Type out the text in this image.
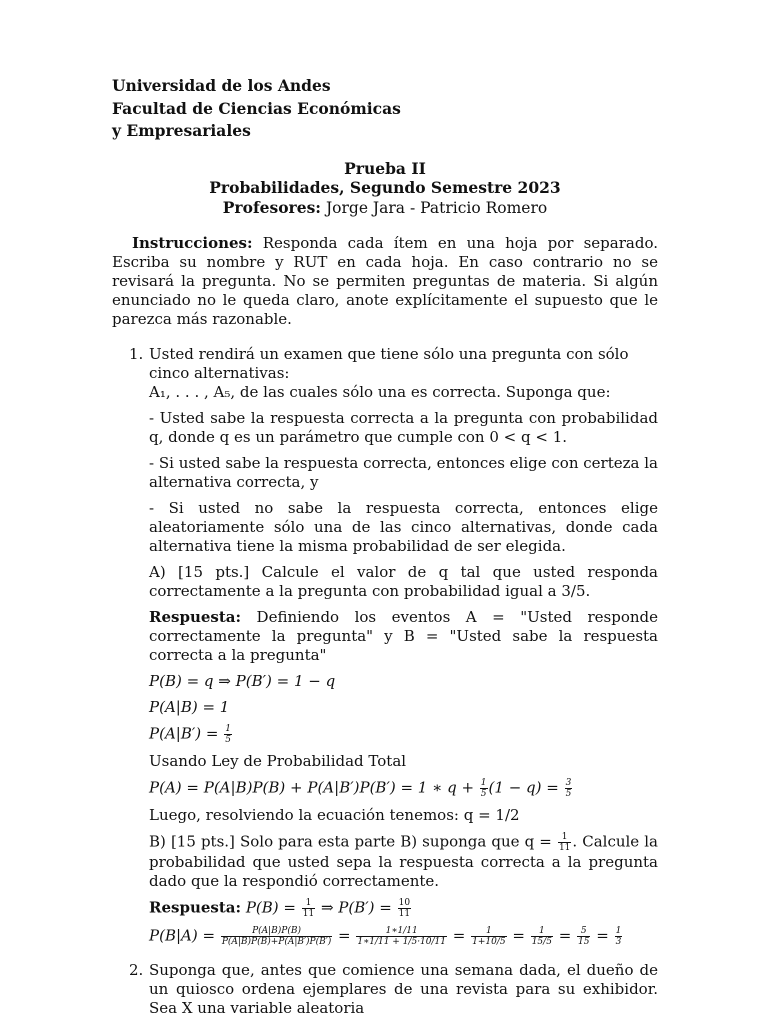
Universidad de los Andes

Facultad de Ciencias Económicas

y Empresariales

Prueba II

Probabilidades, Segundo Semestre 2023

Profesores: Jorge Jara - Patricio Romero

Instrucciones: Responda cada ítem en una hoja por separado. Escriba su nombre y RUT en cada hoja. En caso contrario no se revisará la pregunta. No se permiten preguntas de materia. Si algún enunciado no le queda claro, anote explícitamente el supuesto que le parezca más razonable.

1. Usted rendirá un examen que tiene sólo una pregunta con sólo cinco alternativas:

A₁, . . . , A₅, de las cuales sólo una es correcta. Suponga que:

- Usted sabe la respuesta correcta a la pregunta con probabilidad q, donde q es un parámetro que cumple con 0 < q < 1.

- Si usted sabe la respuesta correcta, entonces elige con certeza la alternativa correcta, y

- Si usted no sabe la respuesta correcta, entonces elige aleatoriamente sólo una de las cinco alternativas, donde cada alternativa tiene la misma probabilidad de ser elegida.

A) [15 pts.] Calcule el valor de q tal que usted responda correctamente a la pregunta con probabilidad igual a 3/5.

Respuesta: Definiendo los eventos A = "Usted responde correctamente la pregunta" y B = "Usted sabe la respuesta correcta a la pregunta"

P(B) = q ⇒ P(B′) = 1 − q

P(A|B) = 1

$P(A|B') = \frac{1}{5}$

Usando Ley de Probabilidad Total

P(A) = P(A|B)P(B) + P(A|B′)P(B′) = 1 ∗ $q + \frac{1}{5} (1 - q) = \frac{3}{5}$

Luego, resolviendo la ecuación tenemos: q = 1/2

B) [15 pts.] Solo para esta parte B) suponga que $q = \frac{1}{11}$ . Calcule la probabilidad que usted sepa la respuesta correcta a la pregunta dado que la respondió correctamente.

Respuesta: $P(B) = \frac{1}{11}$ ⇒ $P(B') = \frac{10}{11}$

$P(B|A) = \frac{P(A|B)P(B)}{P(A|B)P(B)+P(A|B')P(B')} = \frac{1∗1/11}{1∗1/11 + 1/5\cdot 10/11} = \frac{1}{1+10/5} = \frac{1}{15/5} = \frac{5}{15} = \frac{1}{3}$

2. Suponga que, antes que comience una semana dada, el dueño de un quiosco ordena ejemplares de una revista para su exhibidor. Sea X una variable aleatoria
